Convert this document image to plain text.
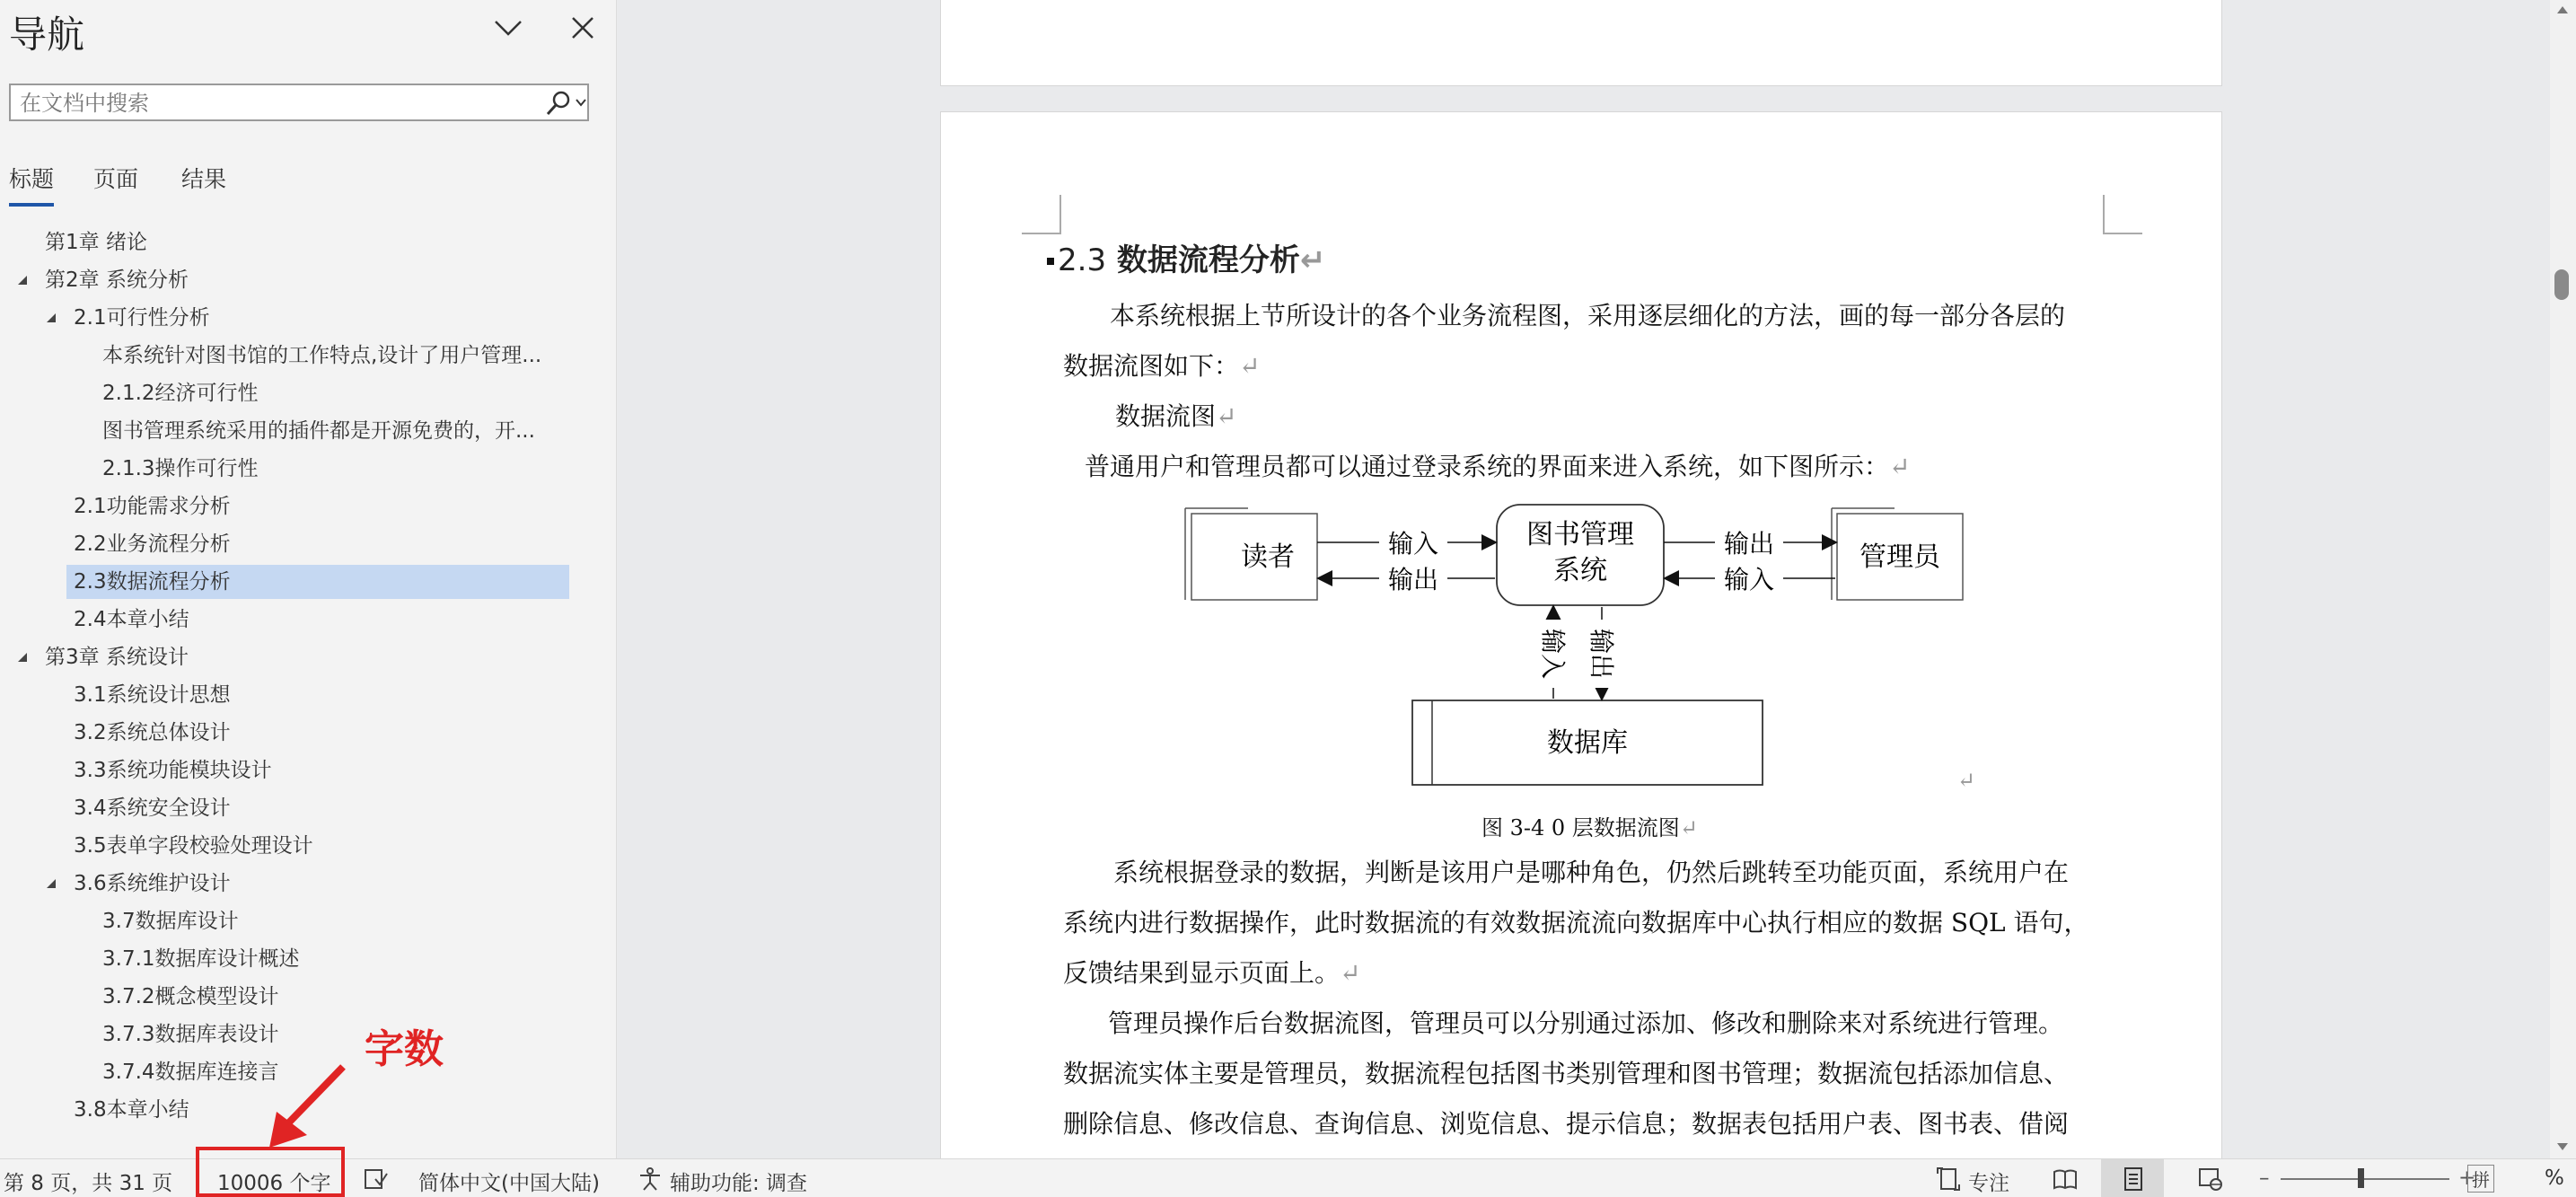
导航
在文档中搜索
标题 页面 结果
第1章 绪论
第2章 系统分析
2.1可行性分析
本系统针对图书馆的工作特点,设计了用户管理...
2.1.2经济可行性
图书管理系统采用的插件都是开源免费的，开...
2.1.3操作可行性
2.1功能需求分析
2.2业务流程分析
2.3数据流程分析
2.4本章小结
第3章 系统设计
3.1系统设计思想
3.2系统总体设计
3.3系统功能模块设计
3.4系统安全设计
3.5表单字段校验处理设计
3.6系统维护设计
3.7数据库设计
3.7.1数据库设计概述
3.7.2概念模型设计
3.7.3数据库表设计
3.7.4数据库连接言
3.8本章小结
2.3 数据流程分析↵
本系统根据上节所设计的各个业务流程图，采用逐层细化的方法，画的每一部分各层的
数据流图如下：↵
数据流图↵
普通用户和管理员都可以通过登录系统的界面来进入系统，如下图所示：↵
读者
图书管理
系统	管理员
数据库
输入
输出
输出
输入
输入 输出
↵
图 3-4 0 层数据流图↵
系统根据登录的数据，判断是该用户是哪种角色，仍然后跳转至功能页面，系统用户在
系统内进行数据操作，此时数据流的有效数据流流向数据库中心执行相应的数据 SQL 语句，
反馈结果到显示页面上。↵
管理员操作后台数据流图，管理员可以分别通过添加、修改和删除来对系统进行管理。
数据流实体主要是管理员，数据流程包括图书类别管理和图书管理；数据流包括添加信息、
删除信息、修改信息、查询信息、浏览信息、提示信息；数据表包括用户表、图书表、借阅
字数
第 8 页，共 31 页 10006 个字	简体中文(中国大陆)	辅助功能: 调查	专注	–	+
拼	%
